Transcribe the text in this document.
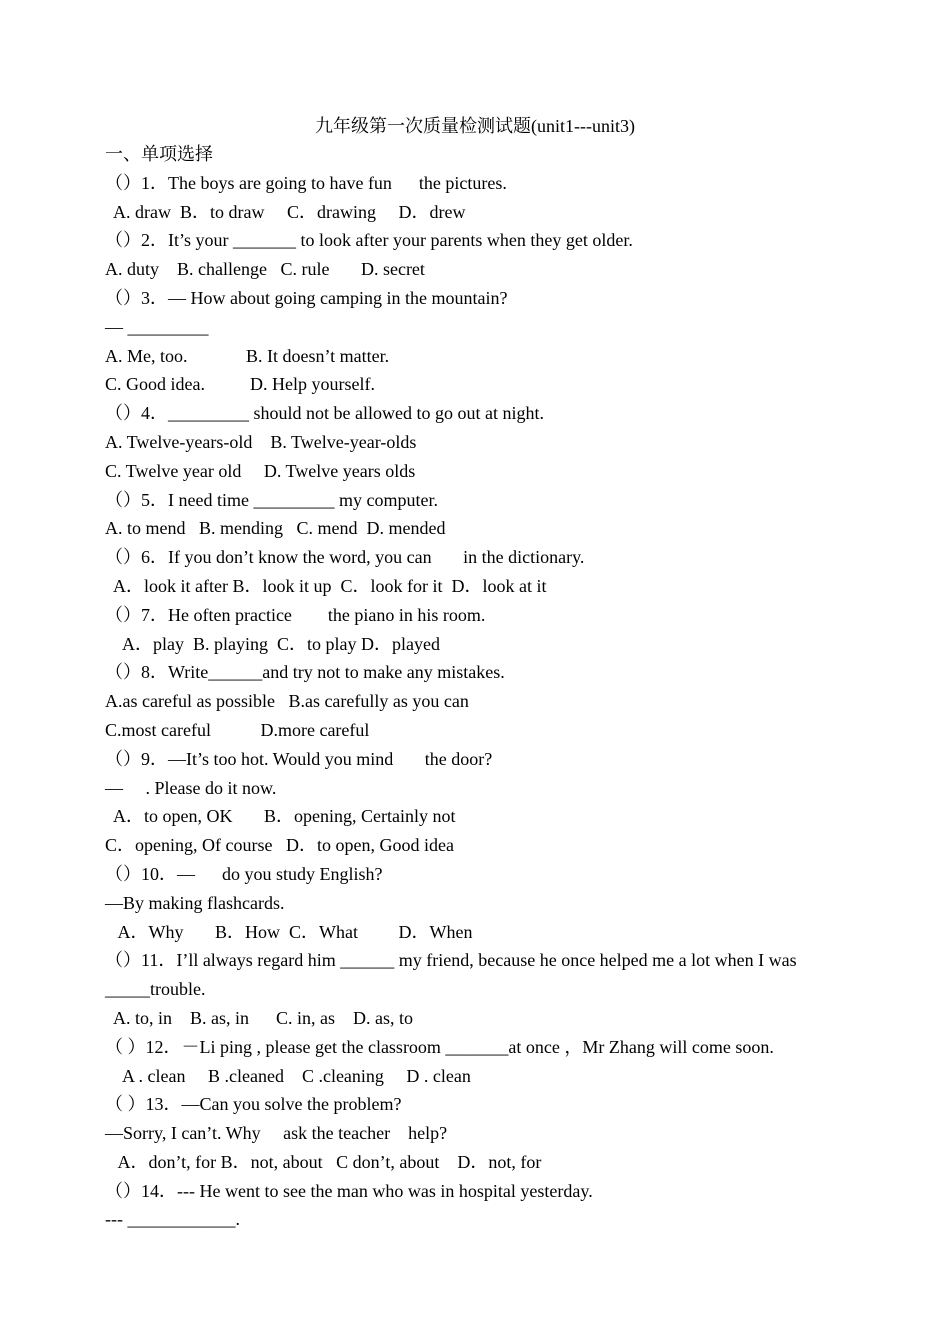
九年级第一次质量检测试题(unit1---unit3)
一、单项选择
（）1．The boys are going to have fun      the pictures.
A. draw  B．to draw     C．drawing     D．drew
（）2．It’s your _______ to look after your parents when they get older.
A. duty    B. challenge   C. rule       D. secret
（）3．— How about going camping in the mountain?
— _________
A. Me, too.             B. It doesn’t matter.
C. Good idea.          D. Help yourself.
（）4．_________ should not be allowed to go out at night.
A. Twelve-years-old    B. Twelve-year-olds
C. Twelve year old     D. Twelve years olds
（）5．I need time _________ my computer.
A. to mend   B. mending   C. mend  D. mended
（）6．If you don’t know the word, you can       in the dictionary.
A．look it after B．look it up  C．look for it  D．look at it
（）7．He often practice        the piano in his room.
A．play  B. playing  C．to play D．played
（）8．Write______and try not to make any mistakes.
A.as careful as possible   B.as carefully as you can
C.most careful           D.more careful
（）9．—It’s too hot. Would you mind       the door?
—     . Please do it now.
A．to open, OK       B．opening, Certainly not
C．opening, Of course   D．to open, Good idea
（）10．—      do you study English?
—By making flashcards.
A．Why       B．How  C．What         D．When
（）11．I’ll always regard him ______ my friend, because he once helped me a lot when I was
_____trouble.
A. to, in    B. as, in      C. in, as    D. as, to
（ ）12．－Li ping , please get the classroom _______at once ，Mr Zhang will come soon.
A . clean     B .cleaned    C .cleaning     D . clean
（ ）13．—Can you solve the problem?
—Sorry, I can’t. Why     ask the teacher    help?
A．don’t, for B．not, about   C don’t, about    D．not, for
（）14．--- He went to see the man who was in hospital yesterday.
--- ____________.
